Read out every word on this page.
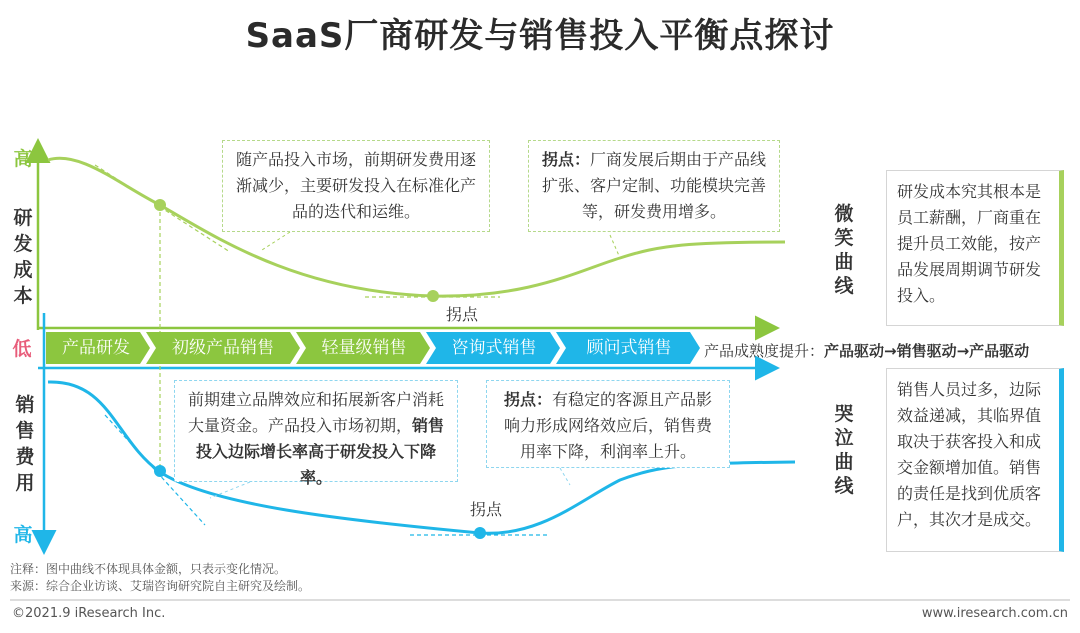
SaaS厂商研发与销售投入平衡点探讨
高
研发成本
低
销售费用
高
产品研发	初级产品销售	轻量级销售	咨询式销售	顾问式销售	产品成熟度提升：产品驱动→销售驱动→产品驱动
随产品投入市场，前期研发费用逐渐减少，主要研发投入在标准化产品的迭代和运维。
拐点：厂商发展后期由于产品线扩张、客户定制、功能模块完善等，研发费用增多。
拐点
前期建立品牌效应和拓展新客户消耗大量资金。产品投入市场初期，销售投入边际增长率高于研发投入下降率。
拐点：有稳定的客源且产品影响力形成网络效应后，销售费用率下降，利润率上升。
拐点
微笑曲线
哭泣曲线
研发成本究其根本是员工薪酬，厂商重在提升员工效能，按产品发展周期调节研发投入。
销售人员过多，边际效益递减，其临界值取决于获客投入和成交金额增加值。销售的责任是找到优质客户，其次才是成交。
注释：图中曲线不体现具体金额，只表示变化情况。
来源：综合企业访谈、艾瑞咨询研究院自主研究及绘制。
©2021.9 iResearch Inc.	www.iresearch.com.cn
